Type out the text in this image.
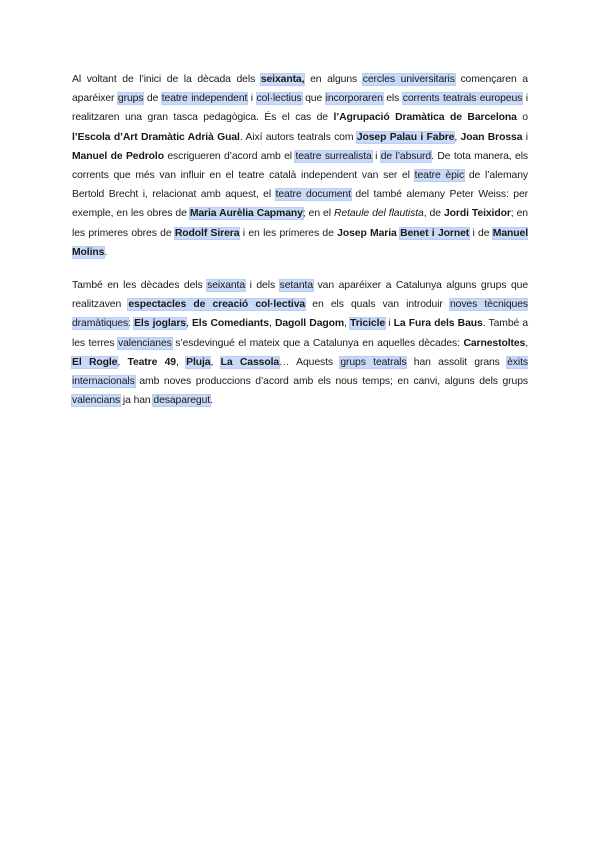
Al voltant de l’inici de la dècada dels seixanta, en alguns cercles universitaris començaren a aparéixer grups de teatre independent i col·lectius que incorporaren els corrents teatrals europeus i realitzaren una gran tasca pedagògica. És el cas de l’Agrupació Dramàtica de Barcelona o l’Escola d’Art Dramàtic Adrià Gual. Així autors teatrals com Josep Palau i Fabre, Joan Brossa i Manuel de Pedrolo escrigueren d’acord amb el teatre surrealista i de l’absurd. De tota manera, els corrents que més van influir en el teatre català independent van ser el teatre èpic de l’alemany Bertold Brecht i, relacionat amb aquest, el teatre document del també alemany Peter Weiss: per exemple, en les obres de Maria Aurèlia Capmany; en el Retaule del flautista, de Jordi Teixidor; en les primeres obres de Rodolf Sirera i en les primeres de Josep Maria Benet i Jornet i de Manuel Molins.

També en les dècades dels seixanta i dels setanta van aparéixer a Catalunya alguns grups que realitzaven espectacles de creació col·lectiva en els quals van introduir noves tècniques dramàtiques: Els joglars, Els Comediants, Dagoll Dagom, Tricicle i La Fura dels Baus. També a les terres valencianes s’esdevingué el mateix que a Catalunya en aquelles dècades: Carnestoltes, El Rogle, Teatre 49, Pluja, La Cassola… Aquests grups teatrals han assolit grans èxits internacionals amb noves produccions d’acord amb els nous temps; en canvi, alguns dels grups valencians ja han desaparegut.
